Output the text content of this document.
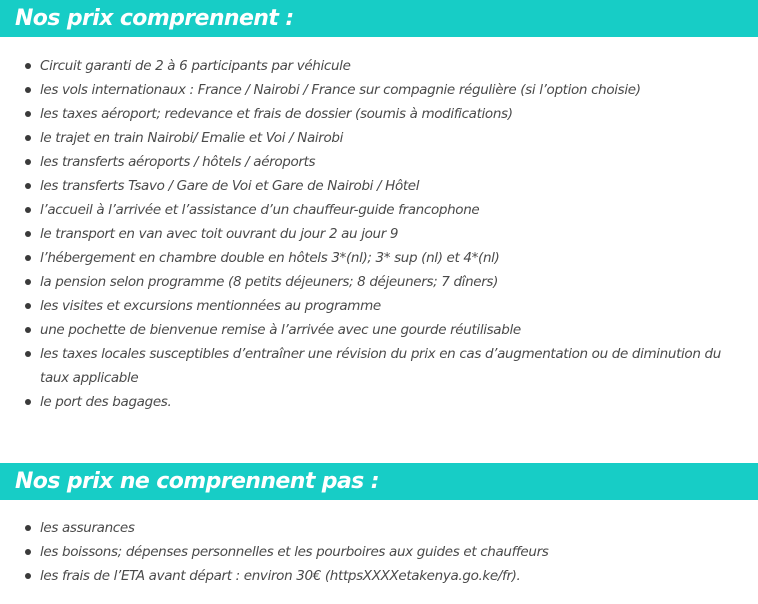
Nos prix comprennent :
Circuit garanti de 2 à 6 participants par véhicule
les vols internationaux : France / Nairobi / France sur compagnie régulière (si l’option choisie)
les taxes aéroport; redevance et frais de dossier (soumis à modifications)
le trajet en train Nairobi/ Emalie et Voi / Nairobi
les transferts aéroports / hôtels / aéroports
les transferts Tsavo / Gare de Voi et Gare de Nairobi / Hôtel
l’accueil à l’arrivée et l’assistance d’un chauffeur-guide francophone
le transport en van avec toit ouvrant du jour 2 au jour 9
l’hébergement en chambre double en hôtels 3*(nl); 3* sup (nl) et 4*(nl)
la pension selon programme (8 petits déjeuners; 8 déjeuners; 7 dîners)
les visites et excursions mentionnées au programme
une pochette de bienvenue remise à l’arrivée avec une gourde réutilisable
les taxes locales susceptibles d’entraîner une révision du prix en cas d’augmentation ou de diminution du taux applicable
le port des bagages.
Nos prix ne comprennent pas :
les assurances
les boissons; dépenses personnelles et les pourboires aux guides et chauffeurs
les frais de l’ETA avant départ : environ 30€ (httpsXXXXetakenya.go.ke/fr).
